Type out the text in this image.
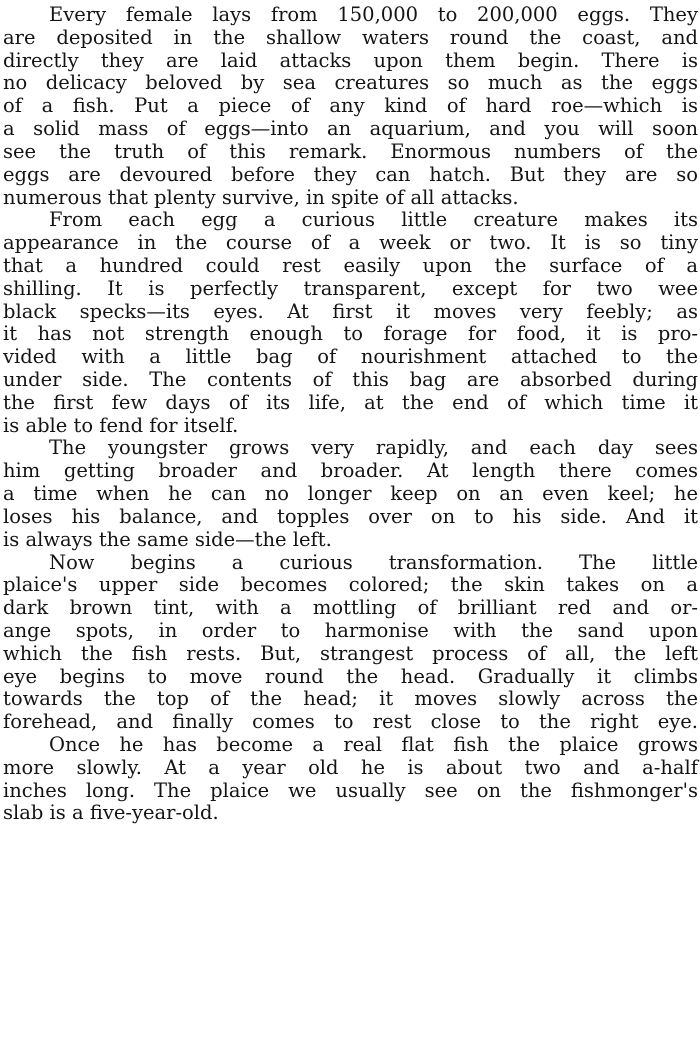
Every female lays from 150,000 to 200,000 eggs. They
are deposited in the shallow waters round the coast, and
directly they are laid attacks upon them begin. There is
no delicacy beloved by sea creatures so much as the eggs
of a fish. Put a piece of any kind of hard roe—which is
a solid mass of eggs—into an aquarium, and you will soon
see the truth of this remark. Enormous numbers of the
eggs are devoured before they can hatch. But they are so
numerous that plenty survive, in spite of all attacks.
From each egg a curious little creature makes its
appearance in the course of a week or two. It is so tiny
that a hundred could rest easily upon the surface of a
shilling. It is perfectly transparent, except for two wee
black specks—its eyes. At first it moves very feebly; as
it has not strength enough to forage for food, it is pro-
vided with a little bag of nourishment attached to the
under side. The contents of this bag are absorbed during
the first few days of its life, at the end of which time it
is able to fend for itself.
The youngster grows very rapidly, and each day sees
him getting broader and broader. At length there comes
a time when he can no longer keep on an even keel; he
loses his balance, and topples over on to his side. And it
is always the same side—the left.
Now begins a curious transformation. The little
plaice's upper side becomes colored; the skin takes on a
dark brown tint, with a mottling of brilliant red and or-
ange spots, in order to harmonise with the sand upon
which the fish rests. But, strangest process of all, the left
eye begins to move round the head. Gradually it climbs
towards the top of the head; it moves slowly across the
forehead, and finally comes to rest close to the right eye.
Once he has become a real flat fish the plaice grows
more slowly. At a year old he is about two and a-half
inches long. The plaice we usually see on the fishmonger's
slab is a five-year-old.
